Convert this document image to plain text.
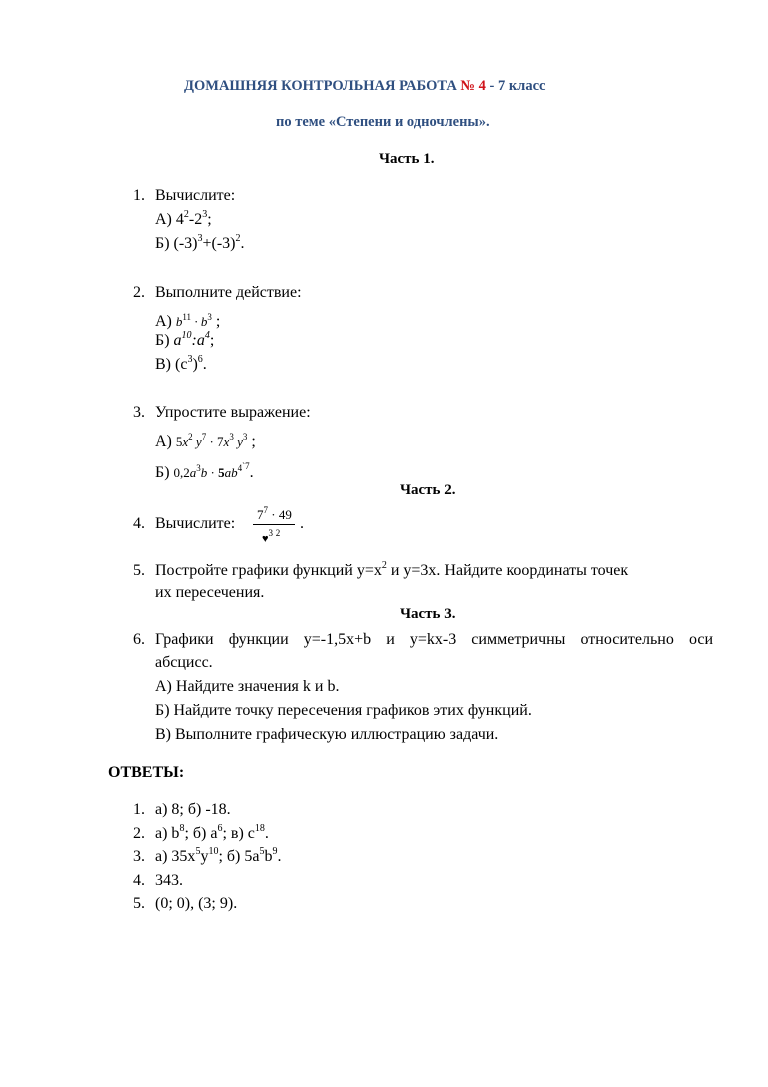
ДОМАШНЯЯ КОНТРОЛЬНАЯ РАБОТА № 4 - 7 класс
по теме «Степени и одночлены».
Часть 1.
1. Вычислите:
А) $4^2-2^3$;
Б) $(-3)^3+(-3)^2$.
2. Выполните действие:
А) $b^{11} \cdot b^3$ ;
Б) $a^{10}:a^4$;
В) $(c^3)^6$.
3. Упростите выражение:
А) $5x^2$ $y^7 \cdot 7x^3$ $y^3$ ;
Б) $0,2a^3b \cdot 5ab^{4`7}$.
Часть 2.
4. Вычислите:
$7^7 \cdot 49$
♥$^3$ $^2$
.
5. Постройте графики функций $y=x^2$ и y=3x. Найдите координаты точек
их пересечения.
Часть 3.
6. Графики функции y=-1,5x+b и y=kx-3 симметричны относительно оси
абсцисс.
А) Найдите значения k и b.
Б) Найдите точку пересечения графиков этих функций.
В) Выполните графическую иллюстрацию задачи.
ОТВЕТЫ:
1. а) 8; б) -18.
2. а) $b^8$; б) $a^6$; в) $c^{18}$.
3. а) $35x^5y^{10}$; б) $5a^5b^9$.
4. 343.
5. (0; 0), (3; 9).
